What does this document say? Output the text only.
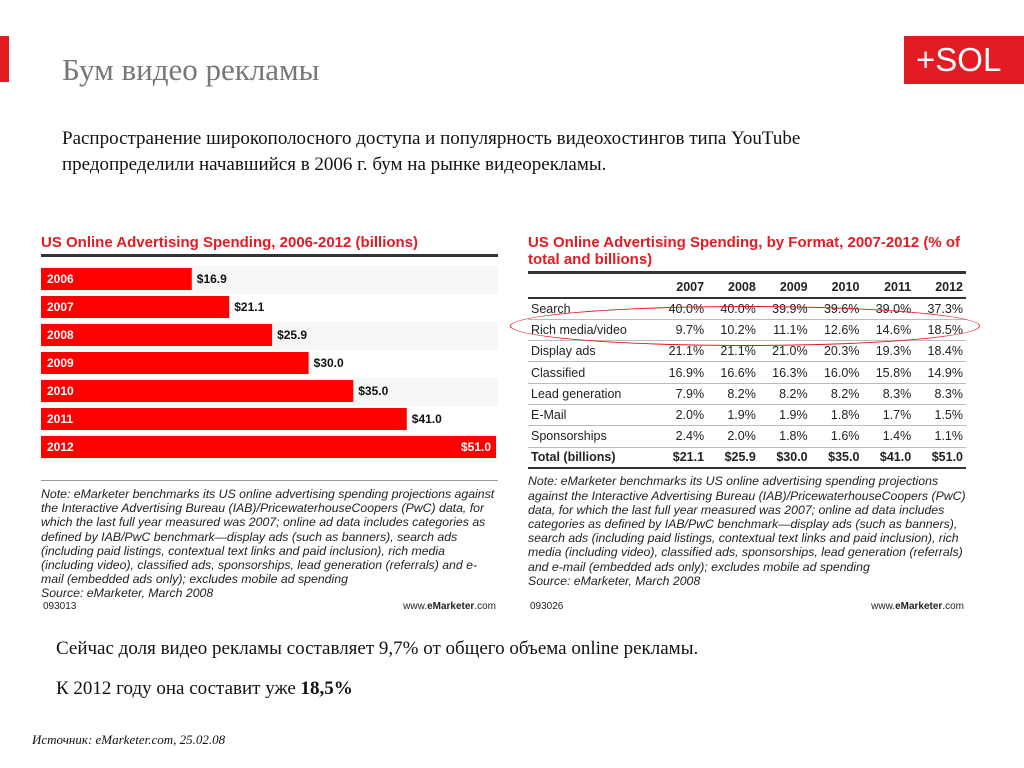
Бум видео рекламы	+SOL
Распространение широкополосного доступа и популярность видеохостингов типа YouTube предопределили начавшийся в 2006 г. бум на рынке видеорекламы.
US Online Advertising Spending, 2006-2012 (billions)
2006	$16.9
2007	$21.1
2008	$25.9
2009	$30.0
2010	$35.0
2011	$41.0
2012	$51.0
Note: eMarketer benchmarks its US online advertising spending projections against the Interactive Advertising Bureau (IAB)/PricewaterhouseCoopers (PwC) data, for which the last full year measured was 2007; online ad data includes categories as defined by IAB/PwC benchmark—display ads (such as banners), search ads (including paid listings, contextual text links and paid inclusion), rich media (including video), classified ads, sponsorships, lead generation (referrals) and e-mail (embedded ads only); excludes mobile ad spending
Source: eMarketer, March 2008
093013	www.eMarketer.com
US Online Advertising Spending, by Format, 2007-2012 (% of total and billions)
	2007	2008	2009	2010	2011	2012
Search	40.0%	40.0%	39.9%	39.6%	39.0%	37.3%
Rich media/video	9.7%	10.2%	11.1%	12.6%	14.6%	18.5%
Display ads	21.1%	21.1%	21.0%	20.3%	19.3%	18.4%
Classified	16.9%	16.6%	16.3%	16.0%	15.8%	14.9%
Lead generation	7.9%	8.2%	8.2%	8.2%	8.3%	8.3%
E-Mail	2.0%	1.9%	1.9%	1.8%	1.7%	1.5%
Sponsorships	2.4%	2.0%	1.8%	1.6%	1.4%	1.1%
Total (billions)	$21.1	$25.9	$30.0	$35.0	$41.0	$51.0
Note: eMarketer benchmarks its US online advertising spending projections against the Interactive Advertising Bureau (IAB)/PricewaterhouseCoopers (PwC) data, for which the last full year measured was 2007; online ad data includes categories as defined by IAB/PwC benchmark—display ads (such as banners), search ads (including paid listings, contextual text links and paid inclusion), rich media (including video), classified ads, sponsorships, lead generation (referrals) and e-mail (embedded ads only); excludes mobile ad spending
Source: eMarketer, March 2008
093026	www.eMarketer.com
Сейчас доля видео рекламы составляет 9,7% от общего объема online рекламы.
К 2012 году она составит уже 18,5%
Источник: eMarketer.com, 25.02.08
